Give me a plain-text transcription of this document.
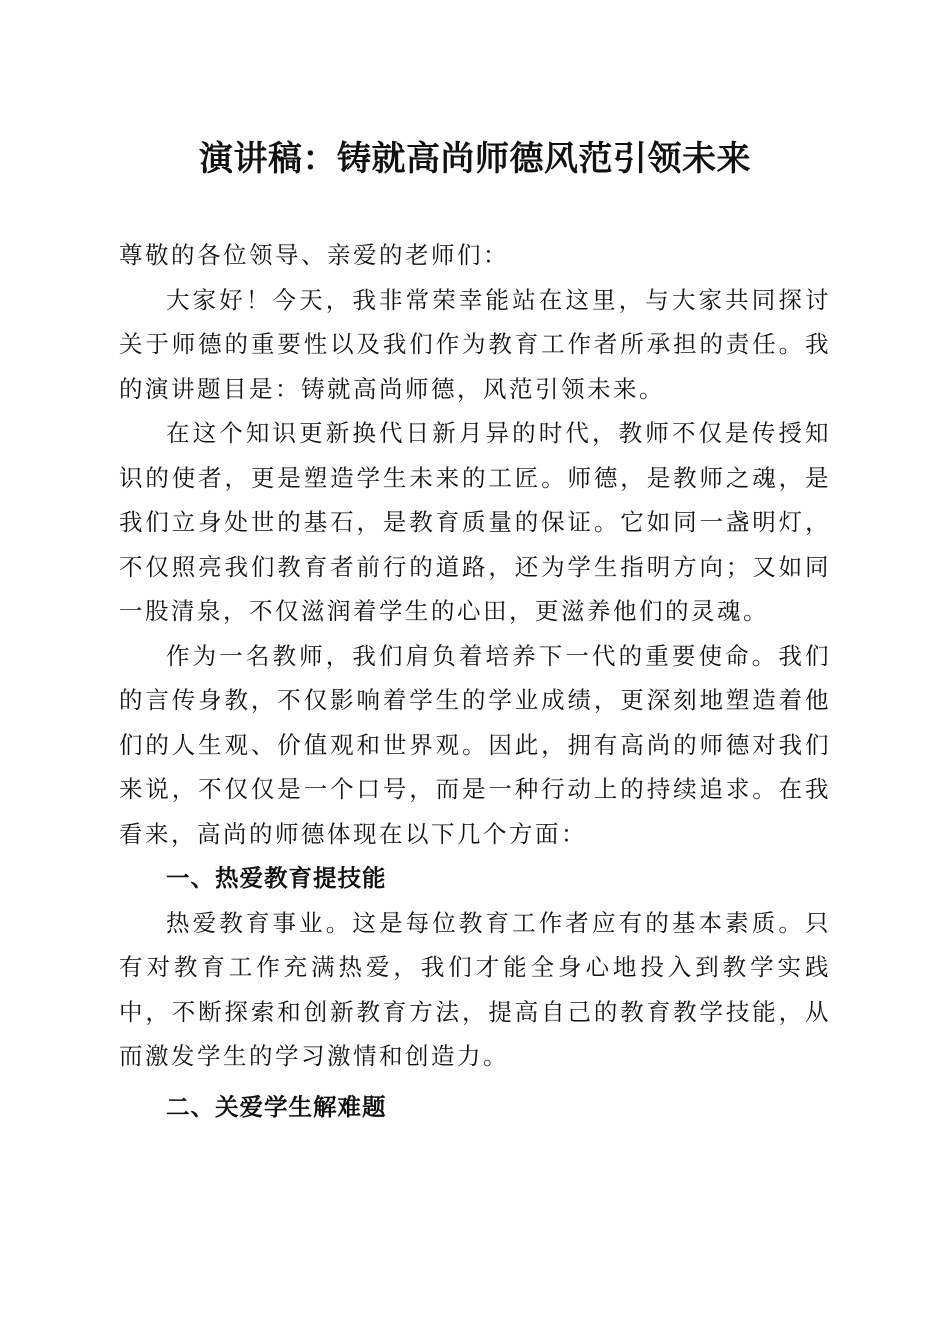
演讲稿：铸就高尚师德风范引领未来

尊敬的各位领导、亲爱的老师们：

大家好！今天，我非常荣幸能站在这里，与大家共同探讨关于师德的重要性以及我们作为教育工作者所承担的责任。我的演讲题目是：铸就高尚师德，风范引领未来。

在这个知识更新换代日新月异的时代，教师不仅是传授知识的使者，更是塑造学生未来的工匠。师德，是教师之魂，是我们立身处世的基石，是教育质量的保证。它如同一盏明灯，不仅照亮我们教育者前行的道路，还为学生指明方向；又如同一股清泉，不仅滋润着学生的心田，更滋养他们的灵魂。

作为一名教师，我们肩负着培养下一代的重要使命。我们的言传身教，不仅影响着学生的学业成绩，更深刻地塑造着他们的人生观、价值观和世界观。因此，拥有高尚的师德对我们来说，不仅仅是一个口号，而是一种行动上的持续追求。在我看来，高尚的师德体现在以下几个方面：

一、热爱教育提技能

热爱教育事业。这是每位教育工作者应有的基本素质。只有对教育工作充满热爱，我们才能全身心地投入到教学实践中，不断探索和创新教育方法，提高自己的教育教学技能，从而激发学生的学习激情和创造力。

二、关爱学生解难题
